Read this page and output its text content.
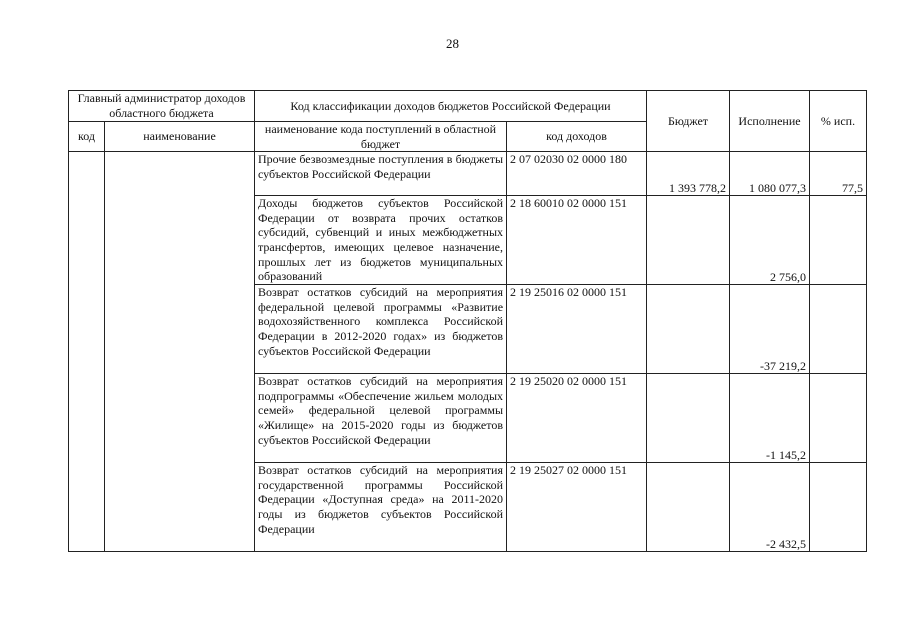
28
Главный администратор доходов областного бюджета		Код классификации доходов бюджетов Российской Федерации		Бюджет	Исполнение	% исп.
код	наименование	наименование кода поступлений в областной бюджет	код доходов			
		Прочие безвозмездные поступления в бюджеты субъектов Российской Федерации	2 07 02030 02 0000 180	1 393 778,2	1 080 077,3	77,5
		Доходы бюджетов субъектов Российской Федерации от возврата прочих остатков субсидий, субвенций и иных межбюджетных трансфертов, имеющих целевое назначение, прошлых лет из бюджетов муниципальных образований	2 18 60010 02 0000 151		2 756,0	
		Возврат остатков субсидий на мероприятия федеральной целевой программы «Развитие водохозяйственного комплекса Российской Федерации в 2012-2020 годах» из бюджетов субъектов Российской Федерации	2 19 25016 02 0000 151		-37 219,2	
		Возврат остатков субсидий на мероприятия подпрограммы «Обеспечение жильем молодых семей» федеральной целевой программы «Жилище» на 2015-2020 годы из бюджетов субъектов Российской Федерации	2 19 25020 02 0000 151		-1 145,2	
		Возврат остатков субсидий на мероприятия государственной программы Российской Федерации «Доступная среда» на 2011-2020 годы из бюджетов субъектов Российской Федерации	2 19 25027 02 0000 151		-2 432,5	
